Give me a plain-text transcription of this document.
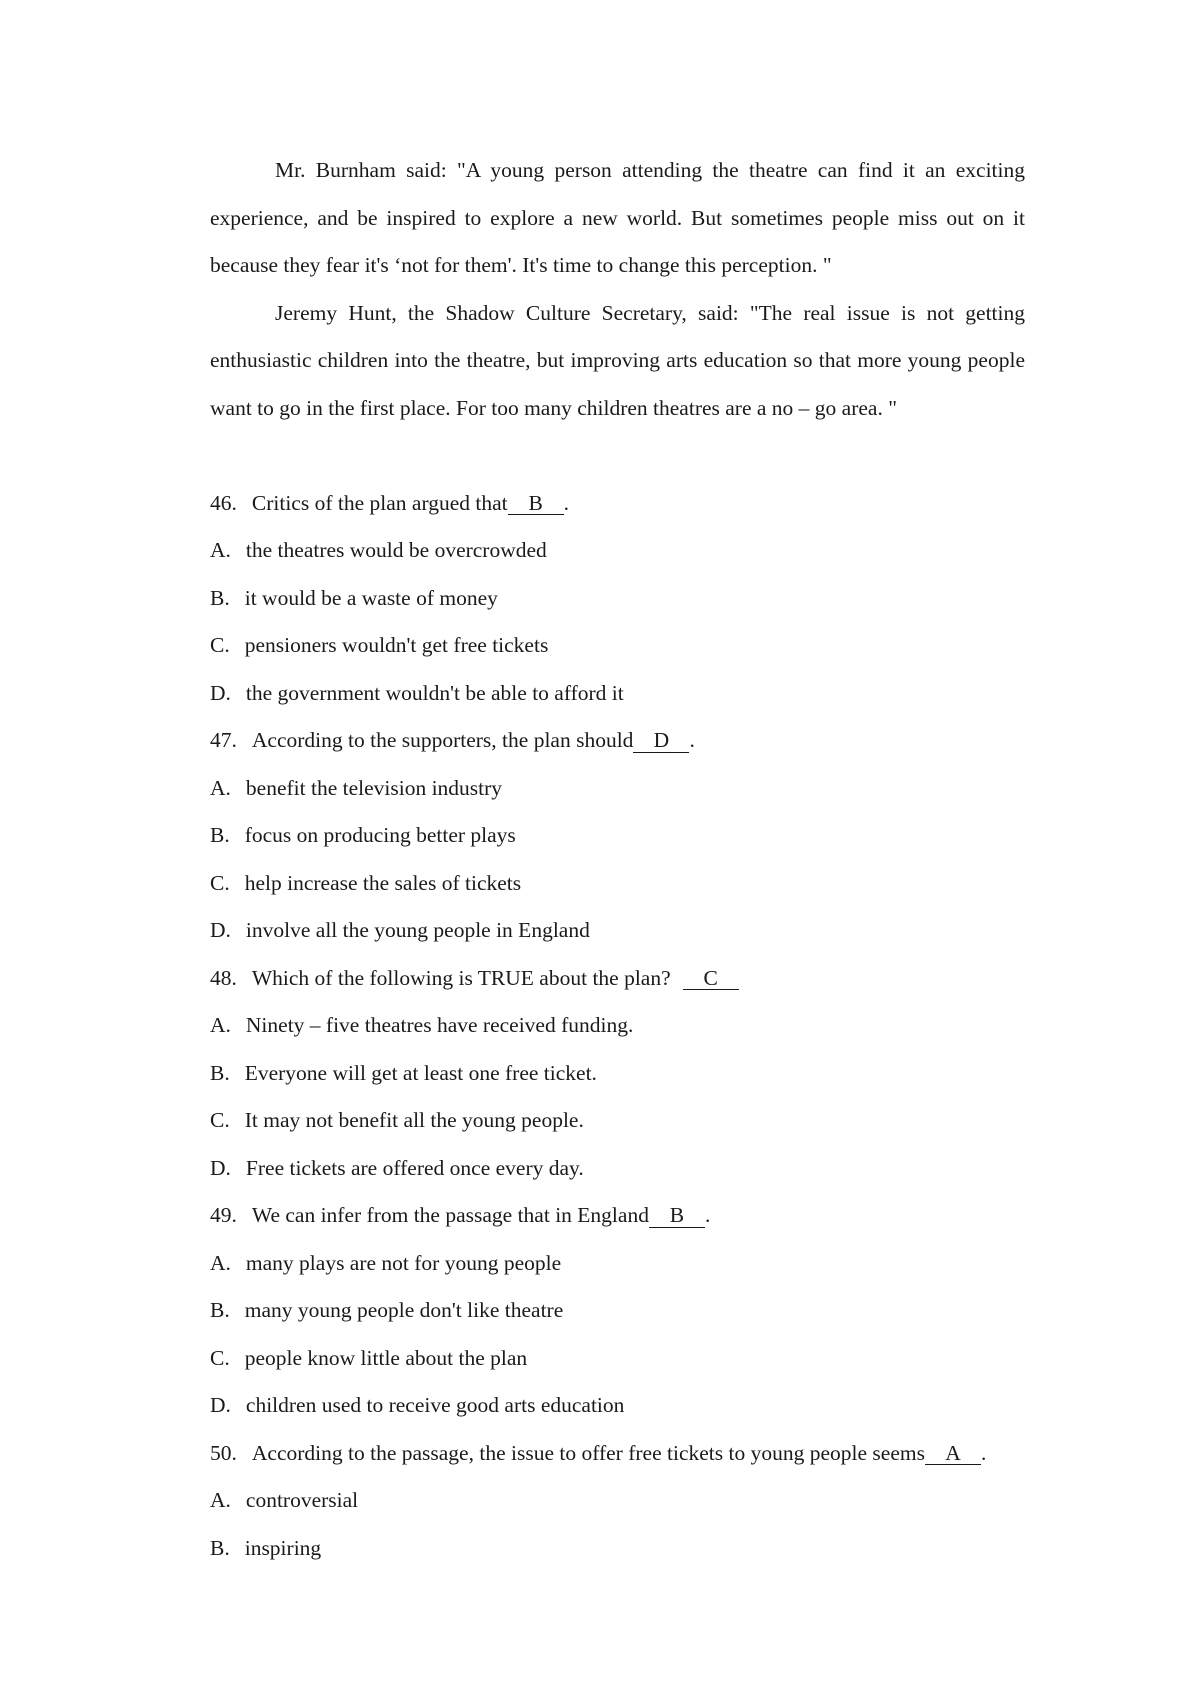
Mr. Burnham said: "A young person attending the theatre can find it an exciting
experience, and be inspired to explore a new world. But sometimes people miss out on it
because they fear it's ‘not for them'. It's time to change this perception. "
Jeremy Hunt, the Shadow Culture Secretary, said: "The real issue is not getting
enthusiastic children into the theatre, but improving arts education so that more young people
want to go in the first place. For too many children theatres are a no – go area. "
46. Critics of the plan argued that B .
A. the theatres would be overcrowded
B. it would be a waste of money
C. pensioners wouldn't get free tickets
D. the government wouldn't be able to afford it
47. According to the supporters, the plan should D .
A. benefit the television industry
B. focus on producing better plays
C. help increase the sales of tickets
D. involve all the young people in England
48. Which of the following is TRUE about the plan? C
A. Ninety – five theatres have received funding.
B. Everyone will get at least one free ticket.
C. It may not benefit all the young people.
D. Free tickets are offered once every day.
49. We can infer from the passage that in England B .
A. many plays are not for young people
B. many young people don't like theatre
C. people know little about the plan
D. children used to receive good arts education
50. According to the passage, the issue to offer free tickets to young people seems A .
A. controversial
B. inspiring
